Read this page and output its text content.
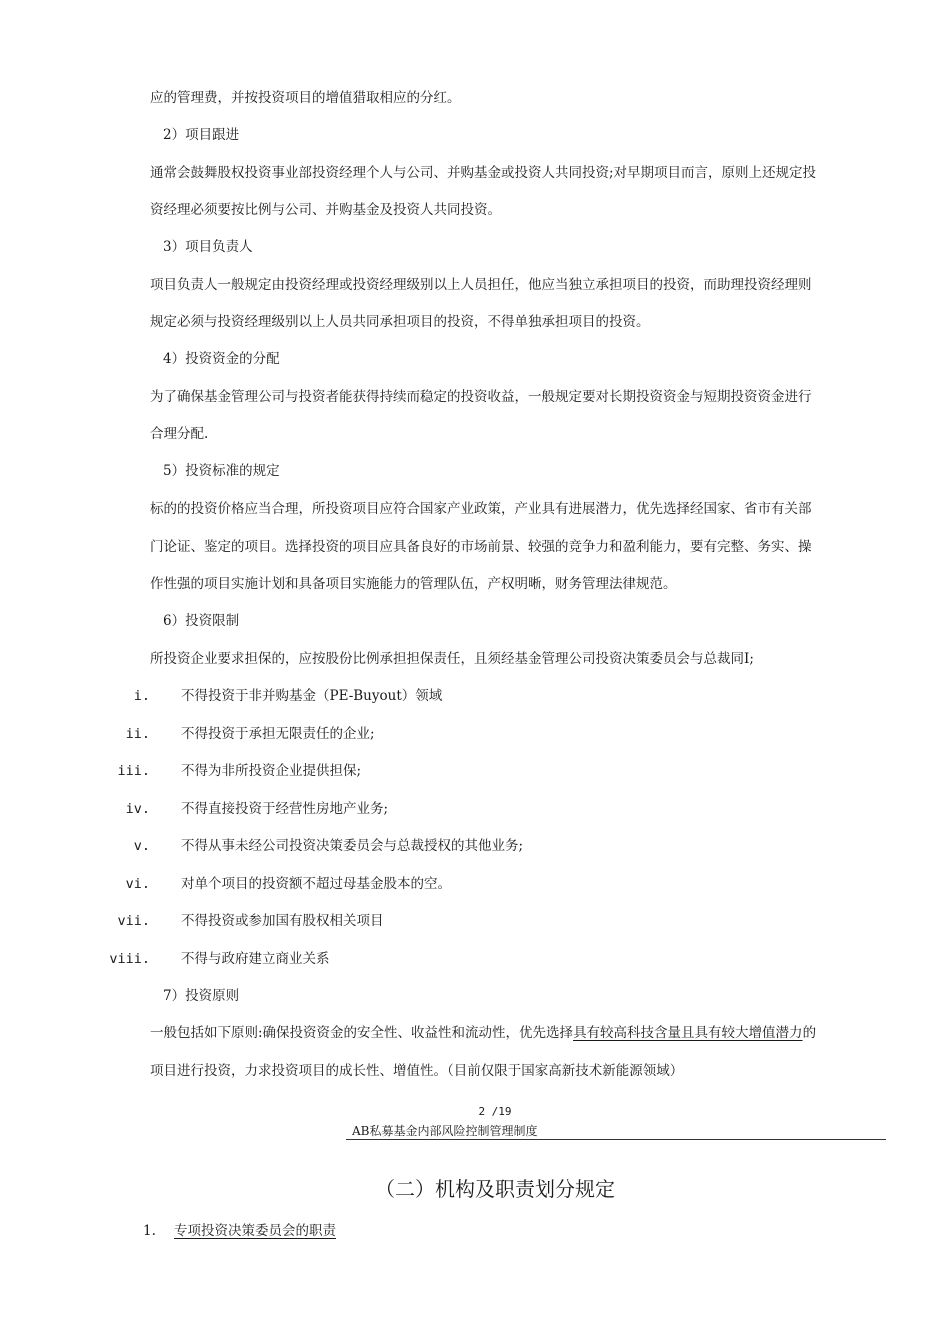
应的管理费，并按投资项目的增值猎取相应的分红。
2）项目跟进
通常会鼓舞股权投资事业部投资经理个人与公司、并购基金或投资人共同投资;对早期项目而言，原则上还规定投
资经理必须要按比例与公司、并购基金及投资人共同投资。
3）项目负责人
项目负责人一般规定由投资经理或投资经理级别以上人员担任，他应当独立承担项目的投资，而助理投资经理则
规定必须与投资经理级别以上人员共同承担项目的投资，不得单独承担项目的投资。
4）投资资金的分配
为了确保基金管理公司与投资者能获得持续而稳定的投资收益，一般规定要对长期投资资金与短期投资资金进行
合理分配.
5）投资标准的规定
标的的投资价格应当合理，所投资项目应符合国家产业政策，产业具有进展潜力，优先选择经国家、省市有关部
门论证、鉴定的项目。选择投资的项目应具备良好的市场前景、较强的竞争力和盈利能力，要有完整、务实、操
作性强的项目实施计划和具备项目实施能力的管理队伍，产权明晰，财务管理法律规范。
6）投资限制
所投资企业要求担保的，应按股份比例承担担保责任，且须经基金管理公司投资决策委员会与总裁同I;
i. 不得投资于非并购基金（PE-Buyout）领域
ii. 不得投资于承担无限责任的企业;
iii. 不得为非所投资企业提供担保;
iv. 不得直接投资于经营性房地产业务;
v. 不得从事未经公司投资决策委员会与总裁授权的其他业务;
vi. 对单个项目的投资额不超过母基金股本的空。
vii. 不得投资或参加国有股权相关项目
viii. 不得与政府建立商业关系
7）投资原则
一般包括如下原则:确保投资资金的安全性、收益性和流动性，优先选择具有较高科技含量且具有较大增值潜力的
项目进行投资，力求投资项目的成长性、增值性。（目前仅限于国家高新技术新能源领域）
2 /19
AB私募基金内部风险控制管理制度
（二）机构及职责划分规定
1. 专项投资决策委员会的职责
